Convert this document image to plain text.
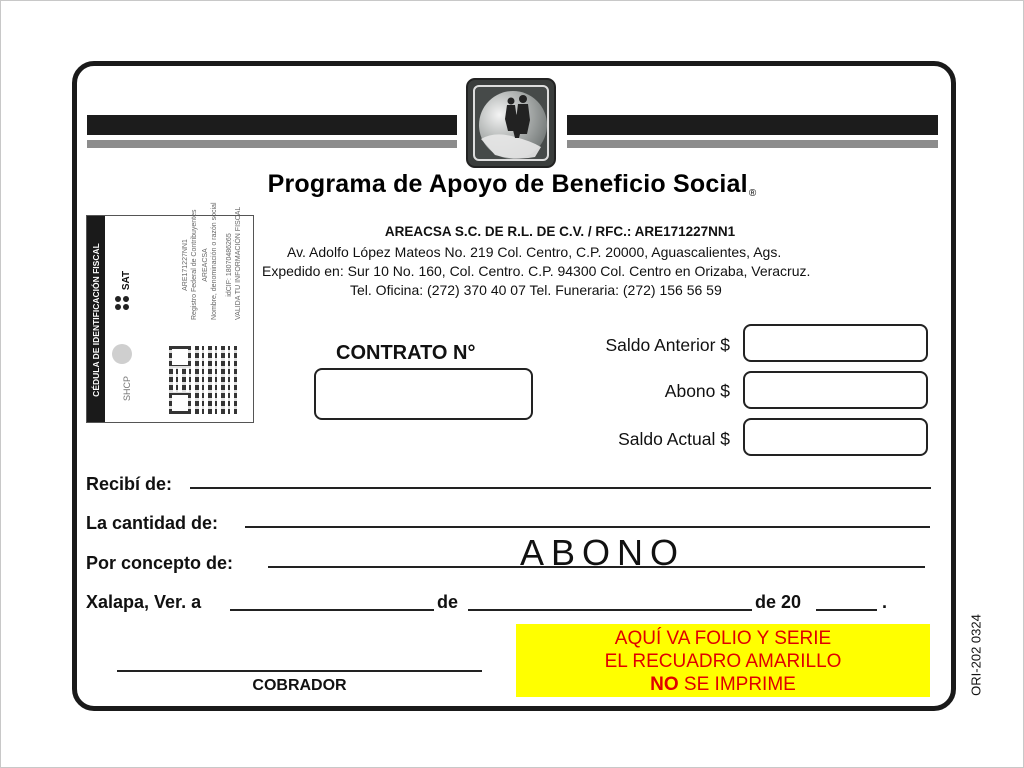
Programa de Apoyo de Beneficio Social®
AREACSA S.C. DE R.L. DE C.V. / RFC.: ARE171227NN1
Av. Adolfo López Mateos No. 219 Col. Centro, C.P. 20000, Aguascalientes, Ags.
Expedido en: Sur 10 No. 160, Col. Centro. C.P. 94300 Col. Centro en Orizaba, Veracruz.
Tel. Oficina: (272) 370 40 07 Tel. Funeraria: (272) 156 56 59
CÉDULA DE IDENTIFICACIÓN FISCAL SAT
SHCP
ARE171227NN1 Registro Federal de Contribuyentes AREACSA Nombre, denominación o razón social idCIF: 18070486265 VALIDA TU INFORMACIÓN FISCAL
CONTRATO N°	Saldo Anterior $
Abono $
Saldo Actual $
Recibí de:
La cantidad de:
Por concepto de:	ABONO
Xalapa, Ver. a	de	de 20	.
AQUÍ VA FOLIO Y SERIE
EL RECUADRO AMARILLO
NO SE IMPRIME
COBRADOR	ORI-202 0324
